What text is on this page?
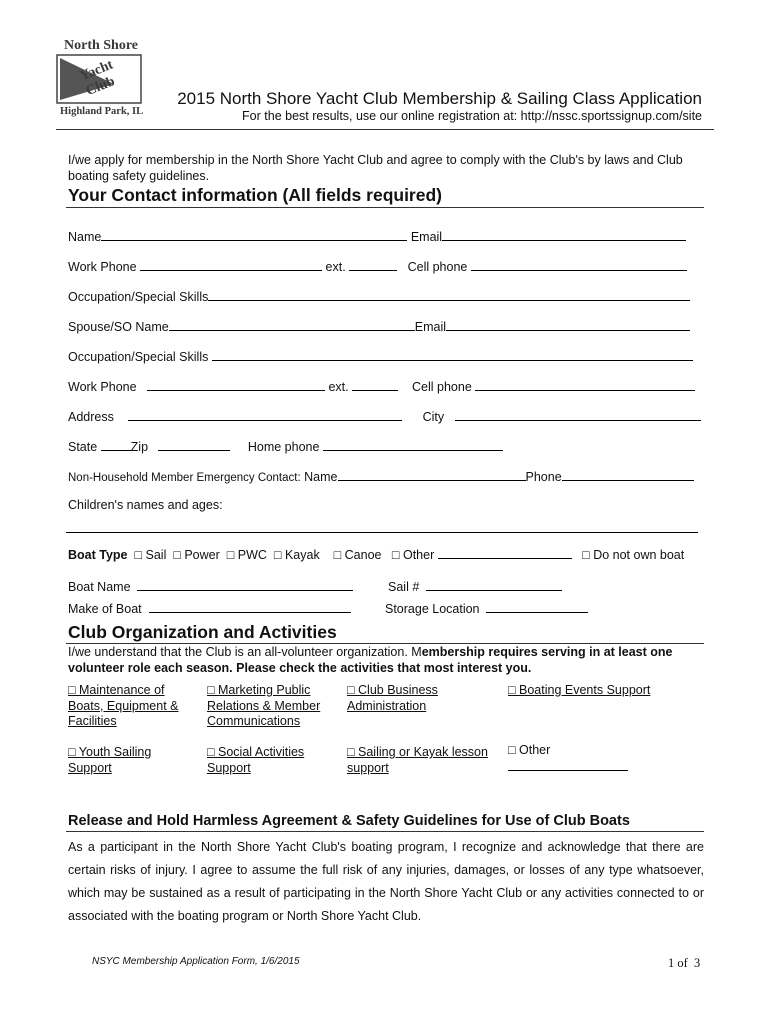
North Shore
Yacht Club
Highland Park, IL
2015 North Shore Yacht Club Membership & Sailing Class Application
For the best results, use our online registration at: http://nssc.sportssignup.com/site
I/we apply for membership in the North Shore Yacht Club and agree to comply with the Club's by laws and Club boating safety guidelines.
Your Contact information (All fields required)
Name	Email
Work Phone	ext.	Cell phone
Occupation/Special Skills
Spouse/SO Name	Email
Occupation/Special Skills
Work Phone	ext.	Cell phone
Address	City
State	Zip	Home phone
Non-Household Member Emergency Contact: Name	Phone
Children's names and ages:
Boat Type □ Sail □ Power □ PWC □ Kayak □ Canoe □ Other	□ Do not own boat
Boat Name	Sail #
Make of Boat	Storage Location
Club Organization and Activities
I/we understand that the Club is an all-volunteer organization. Membership requires serving in at least one volunteer role each season. Please check the activities that most interest you.
□ Maintenance of Boats, Equipment & Facilities
□ Marketing Public Relations & Member Communications
□ Club Business Administration
□ Boating Events Support
□ Youth Sailing Support
□ Social Activities Support
□ Sailing or Kayak lesson support
□ Other
Release and Hold Harmless Agreement & Safety Guidelines for Use of Club Boats
As a participant in the North Shore Yacht Club's boating program, I recognize and acknowledge that there are certain risks of injury. I agree to assume the full risk of any injuries, damages, or losses of any type whatsoever, which may be sustained as a result of participating in the North Shore Yacht Club or any activities connected to or associated with the boating program or North Shore Yacht Club.
NSYC Membership Application Form, 1/6/2015	1 of  3
